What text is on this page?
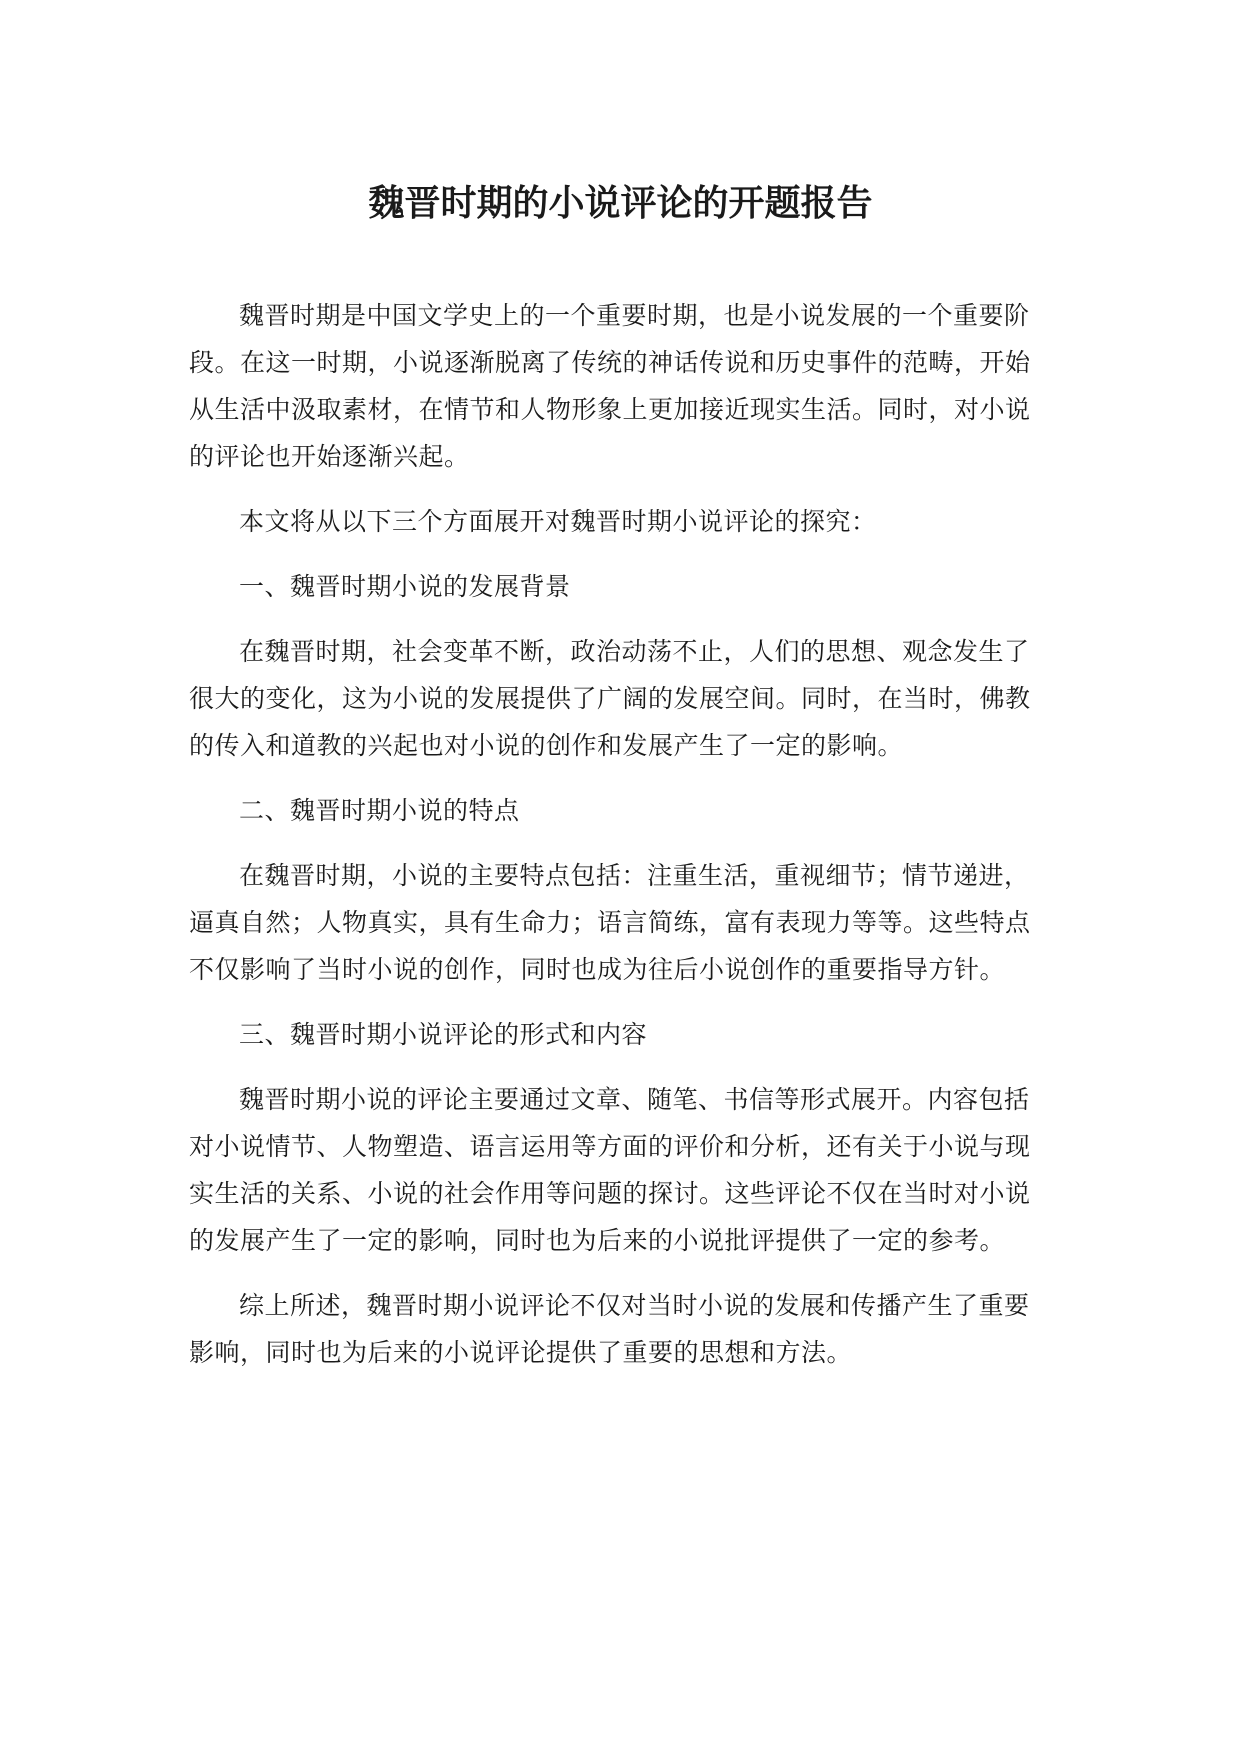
魏晋时期的小说评论的开题报告

魏晋时期是中国文学史上的一个重要时期，也是小说发展的一个重要阶段。在这一时期，小说逐渐脱离了传统的神话传说和历史事件的范畴，开始从生活中汲取素材，在情节和人物形象上更加接近现实生活。同时，对小说的评论也开始逐渐兴起。

本文将从以下三个方面展开对魏晋时期小说评论的探究：

一、魏晋时期小说的发展背景

在魏晋时期，社会变革不断，政治动荡不止，人们的思想、观念发生了很大的变化，这为小说的发展提供了广阔的发展空间。同时，在当时，佛教的传入和道教的兴起也对小说的创作和发展产生了一定的影响。

二、魏晋时期小说的特点

在魏晋时期，小说的主要特点包括：注重生活，重视细节；情节递进，逼真自然；人物真实，具有生命力；语言简练，富有表现力等等。这些特点不仅影响了当时小说的创作，同时也成为往后小说创作的重要指导方针。

三、魏晋时期小说评论的形式和内容

魏晋时期小说的评论主要通过文章、随笔、书信等形式展开。内容包括对小说情节、人物塑造、语言运用等方面的评价和分析，还有关于小说与现实生活的关系、小说的社会作用等问题的探讨。这些评论不仅在当时对小说的发展产生了一定的影响，同时也为后来的小说批评提供了一定的参考。

综上所述，魏晋时期小说评论不仅对当时小说的发展和传播产生了重要影响，同时也为后来的小说评论提供了重要的思想和方法。
